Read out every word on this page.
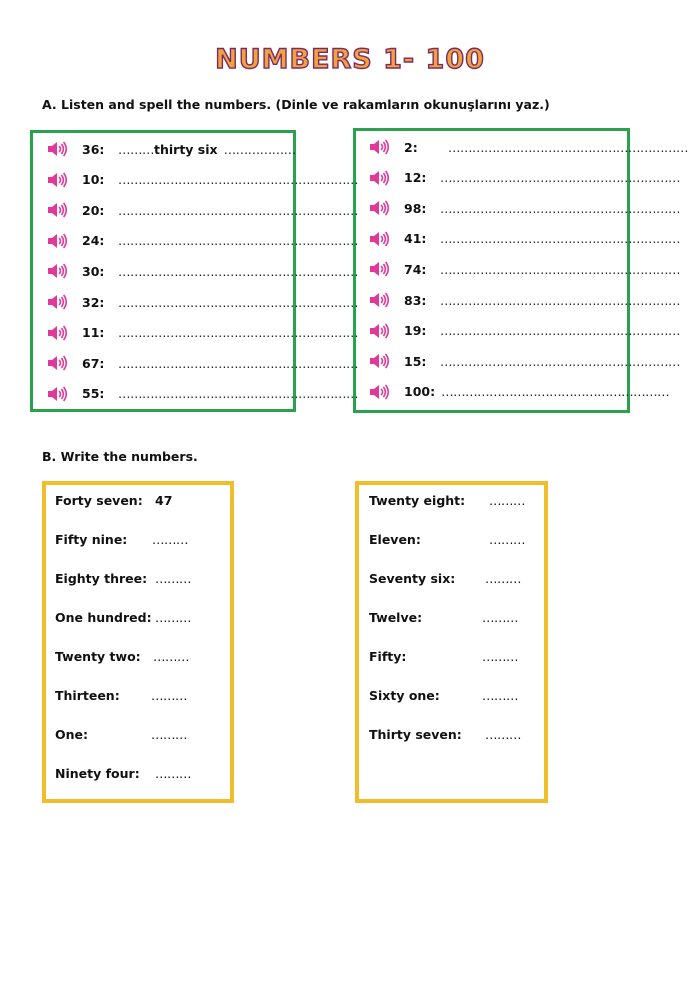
NUMBERS 1- 100
A. Listen and spell the numbers. (Dinle ve rakamların okunuşlarını yaz.)
B. Write the numbers.
36:	……… thirty six ………………
10:	……………………………………………………
20:	……………………………………………………
24:	……………………………………………………
30:	……………………………………………………
32:	……………………………………………………
11:	……………………………………………………
67:	……………………………………………………
55:	……………………………………………………
2:	……………………………………………………
12:	……………………………………………………
98:	……………………………………………………
41:	……………………………………………………
74:	……………………………………………………
83:	……………………………………………………
19:	……………………………………………………
15:	……………………………………………………
100: …………………………………………………
Forty seven: 47
Fifty nine: ………
Eighty three: ………
One hundred: ………
Twenty two: ………
Thirteen:	………
One:	………
Ninety four: ………
Twenty eight: ………
Eleven:	………
Seventy six: ………
Twelve:	………
Fifty:	………
Sixty one:	………
Thirty seven: ………
